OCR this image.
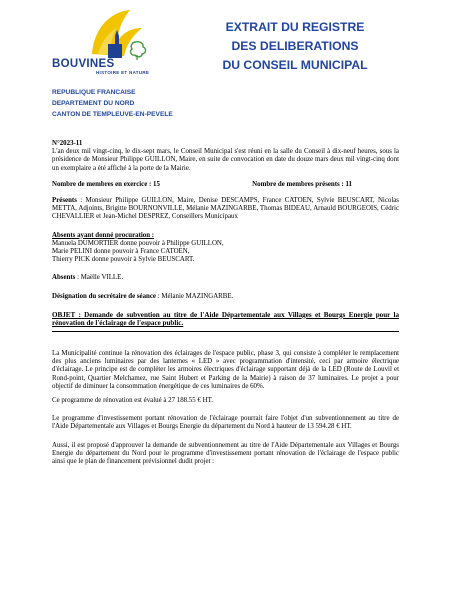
BOUVINES
HISTOIRE ET NATURE
EXTRAIT DU REGISTRE
DES DELIBERATIONS
DU CONSEIL MUNICIPAL
REPUBLIQUE FRANCAISE
DEPARTEMENT DU NORD
CANTON DE TEMPLEUVE-EN-PEVELE

N°2023-11

L'an deux mil vingt-cinq, le dix-sept mars, le Conseil Municipal s'est réuni en la salle du Conseil à dix-neuf heures, sous la présidence de Monsieur Philippe GUILLON, Maire, en suite de convocation en date du douze mars deux mil vingt-cinq dont un exemplaire a été affiché à la porte de la Mairie.

Nombre de membres en exercice : 15	Nombre de membres présents : 11

Présents : Monsieur Philippe GUILLON, Maire, Denise DESCAMPS, France CATOEN, Sylvie BEUSCART, Nicolas METTA, Adjoints, Brigitte BOURNONVILLE, Mélanie MAZINGARBE, Thomas BIDEAU, Arnauld BOURGEOIS, Cédric CHEVALLIER et Jean-Michel DESPREZ, Conseillers Municipaux

Absents ayant donné procuration :

Manuela DUMORTIER donne pouvoir à Philippe GUILLON,

Marie PELINI donne pouvoir à France CATOEN,

Thierry PICK donne pouvoir à Sylvie BEUSCART.

Absents : Maëlle VILLE.

Désignation du secrétaire de séance : Mélanie MAZINGARBE.

OBJET : Demande de subvention au titre de l'Aide Départementale aux Villages et Bourgs Energie pour la rénovation de l'éclairage de l'espace public.

La Municipalité continue la rénovation des éclairages de l'espace public, phase 3, qui consiste à compléter le remplacement des plus anciens luminaires par des lanternes « LED » avec programmation d'intensité, ceci par armoire électrique d'éclairage. Le principe est de compléter les armoires électriques d'éclairage supportant déjà de la LED (Route de Louvil et Rond-point, Quartier Melchamez, rue Saint Hubert et Parking de la Mairie) à raison de 37 luminaires. Le projet a pour objectif de diminuer la consommation énergétique de ces luminaires de 60%.

Ce programme de rénovation est évalué à 27 188.55 € HT.

Le programme d'investissement portant rénovation de l'éclairage pourrait faire l'objet d'un subventionnement au titre de l'Aide Départementale aux Villages et Bourgs Energie du département du Nord à hauteur de 13 594.28 € HT.

Aussi, il est proposé d'approuver la demande de subventionnement au titre de l'Aide Départementale aux Villages et Bourgs Energie du département du Nord pour le programme d'investissement portant rénovation de l'éclairage de l'espace public ainsi que le plan de financement prévisionnel dudit projet :
